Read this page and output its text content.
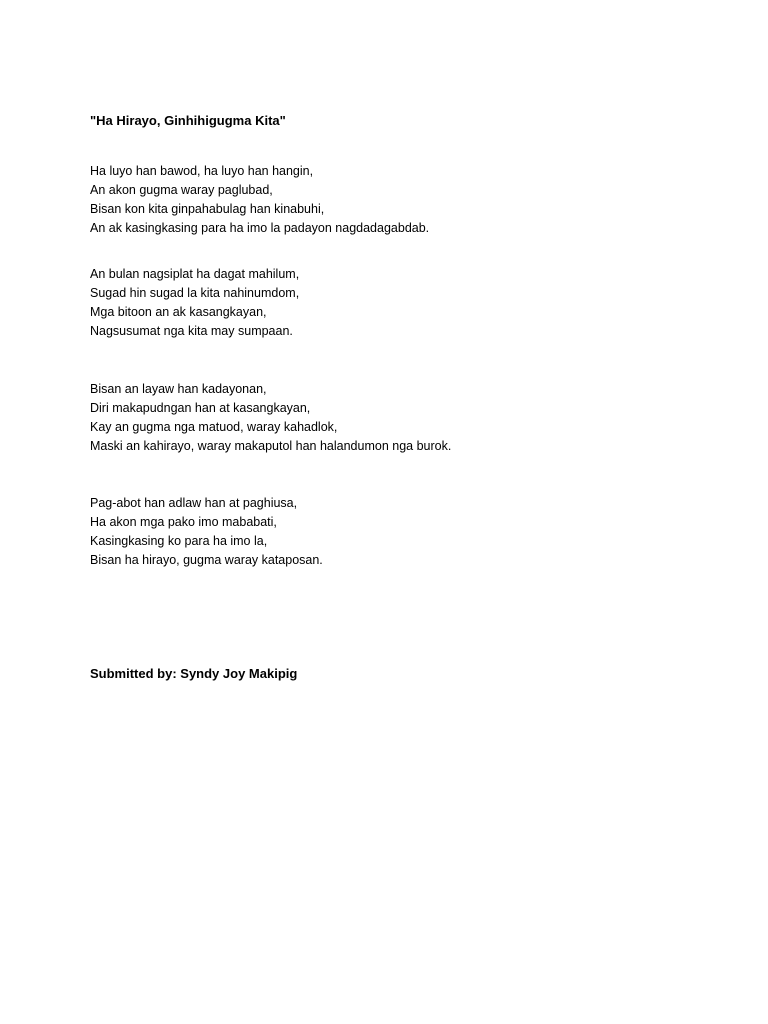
"Ha Hirayo, Ginhihigugma Kita"
Ha luyo han bawod, ha luyo han hangin,
An akon gugma waray paglubad,
Bisan kon kita ginpahabulag han kinabuhi,
An ak kasingkasing para ha imo la padayon nagdadagabdab.
An bulan nagsiplat ha dagat mahilum,
Sugad hin sugad la kita nahinumdom,
Mga bitoon an ak kasangkayan,
Nagsusumat nga kita may sumpaan.
Bisan an layaw han kadayonan,
Diri makapudngan han at kasangkayan,
Kay an gugma nga matuod, waray kahadlok,
Maski an kahirayo, waray makaputol han halandumon nga burok.
Pag-abot han adlaw han at paghiusa,
Ha akon mga pako imo mababati,
Kasingkasing ko para ha imo la,
Bisan ha hirayo, gugma waray kataposan.
Submitted by: Syndy Joy Makipig
